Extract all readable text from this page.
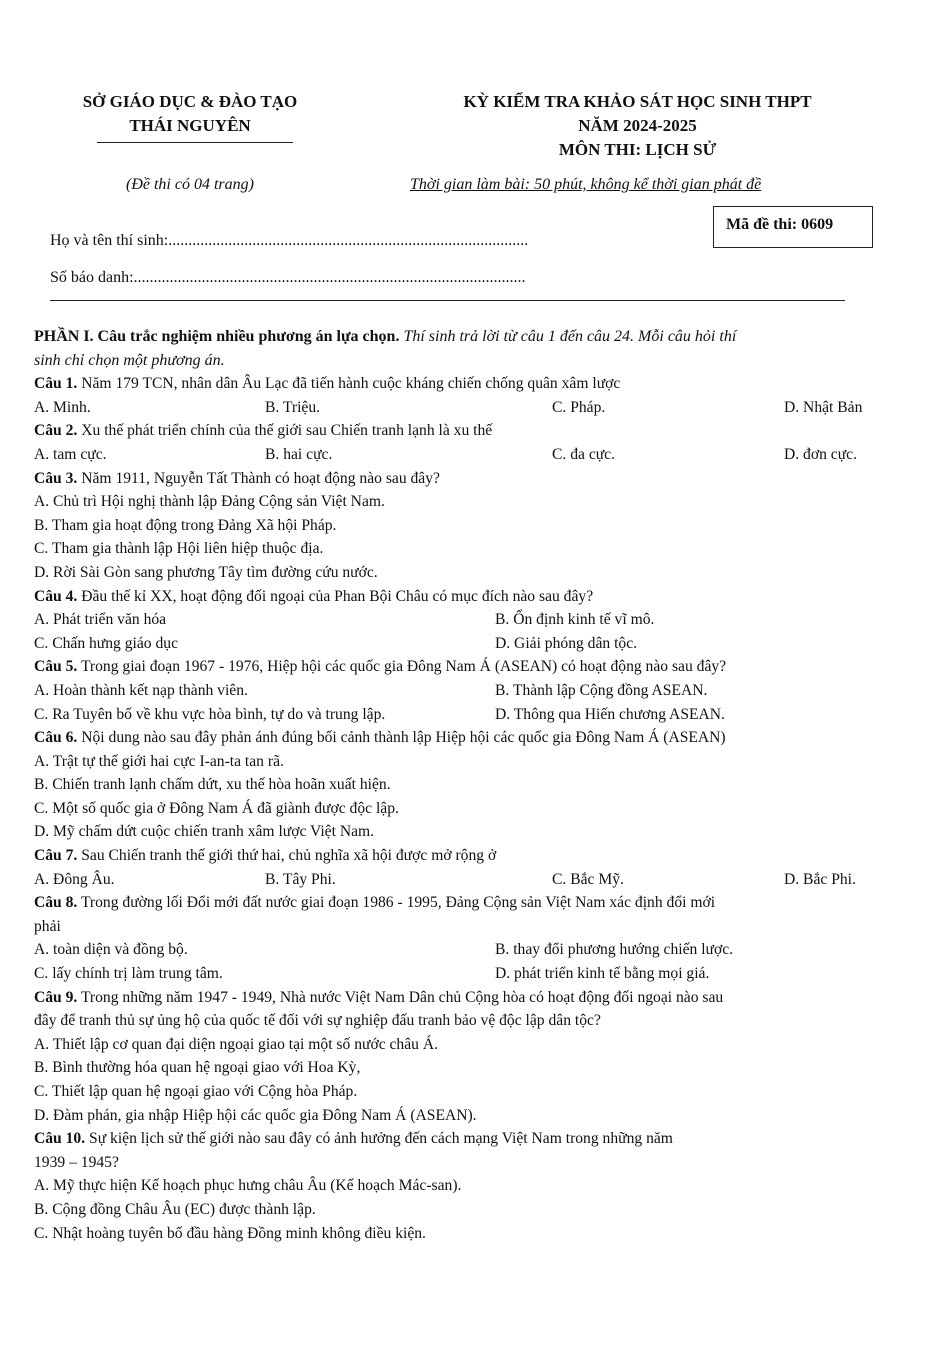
SỞ GIÁO DỤC & ĐÀO TẠO
THÁI NGUYÊN
KỲ KIỂM TRA KHẢO SÁT HỌC SINH THPT
NĂM 2024-2025
MÔN THI: LỊCH SỬ
(Đề thi có 04 trang)	Thời gian làm bài: 50 phút, không kể thời gian phát đề
Mã đề thi: 0609
Họ và tên thí sinh:..........................................................................................
Số báo danh:..................................................................................................
PHẦN I. Câu trắc nghiệm nhiều phương án lựa chọn. Thí sinh trả lời từ câu 1 đến câu 24. Mỗi câu hỏi thí
sinh chỉ chọn một phương án.
Câu 1. Năm 179 TCN, nhân dân Âu Lạc đã tiến hành cuộc kháng chiến chống quân xâm lược
A. Minh.	B. Triệu.	C. Pháp.	D. Nhật Bản
Câu 2. Xu thế phát triển chính của thế giới sau Chiến tranh lạnh là xu thế
A. tam cực.	B. hai cực.	C. đa cực.	D. đơn cực.
Câu 3. Năm 1911, Nguyễn Tất Thành có hoạt động nào sau đây?
A. Chủ trì Hội nghị thành lập Đảng Cộng sản Việt Nam.
B. Tham gia hoạt động trong Đảng Xã hội Pháp.
C. Tham gia thành lập Hội liên hiệp thuộc địa.
D. Rời Sài Gòn sang phương Tây tìm đường cứu nước.
Câu 4. Đầu thế kỉ XX, hoạt động đối ngoại của Phan Bội Châu có mục đích nào sau đây?
A. Phát triển văn hóa	B. Ổn định kinh tế vĩ mô.
C. Chấn hưng giáo dục	D. Giải phóng dân tộc.
Câu 5. Trong giai đoạn 1967 - 1976, Hiệp hội các quốc gia Đông Nam Á (ASEAN) có hoạt động nào sau đây?
A. Hoàn thành kết nạp thành viên.	B. Thành lập Cộng đồng ASEAN.
C. Ra Tuyên bố về khu vực hòa bình, tự do và trung lập.	D. Thông qua Hiến chương ASEAN.
Câu 6. Nội dung nào sau đây phản ánh đúng bối cảnh thành lập Hiệp hội các quốc gia Đông Nam Á (ASEAN)
A. Trật tự thế giới hai cực I-an-ta tan rã.
B. Chiến tranh lạnh chấm dứt, xu thế hòa hoãn xuất hiện.
C. Một số quốc gia ở Đông Nam Á đã giành được độc lập.
D. Mỹ chấm dứt cuộc chiến tranh xâm lược Việt Nam.
Câu 7. Sau Chiến tranh thế giới thứ hai, chủ nghĩa xã hội được mở rộng ở
A. Đông Âu.	B. Tây Phi.	C. Bắc Mỹ.	D. Bắc Phi.
Câu 8. Trong đường lối Đổi mới đất nước giai đoạn 1986 - 1995, Đảng Cộng sản Việt Nam xác định đổi mới
phải
A. toàn diện và đồng bộ.	B. thay đổi phương hướng chiến lược.
C. lấy chính trị làm trung tâm.	D. phát triển kinh tế bằng mọi giá.
Câu 9. Trong những năm 1947 - 1949, Nhà nước Việt Nam Dân chủ Cộng hòa có hoạt động đối ngoại nào sau
đây để tranh thủ sự ủng hộ của quốc tế đối với sự nghiệp đấu tranh bảo vệ độc lập dân tộc?
A. Thiết lập cơ quan đại diện ngoại giao tại một số nước châu Á.
B. Bình thường hóa quan hệ ngoại giao với Hoa Kỳ,
C. Thiết lập quan hệ ngoại giao với Cộng hòa Pháp.
D. Đàm phán, gia nhập Hiệp hội các quốc gia Đông Nam Á (ASEAN).
Câu 10. Sự kiện lịch sử thế giới nào sau đây có ảnh hưởng đến cách mạng Việt Nam trong những năm
1939 – 1945?
A. Mỹ thực hiện Kế hoạch phục hưng châu Âu (Kế hoạch Mác-san).
B. Cộng đồng Châu Âu (EC) được thành lập.
C. Nhật hoàng tuyên bố đầu hàng Đồng minh không điều kiện.
